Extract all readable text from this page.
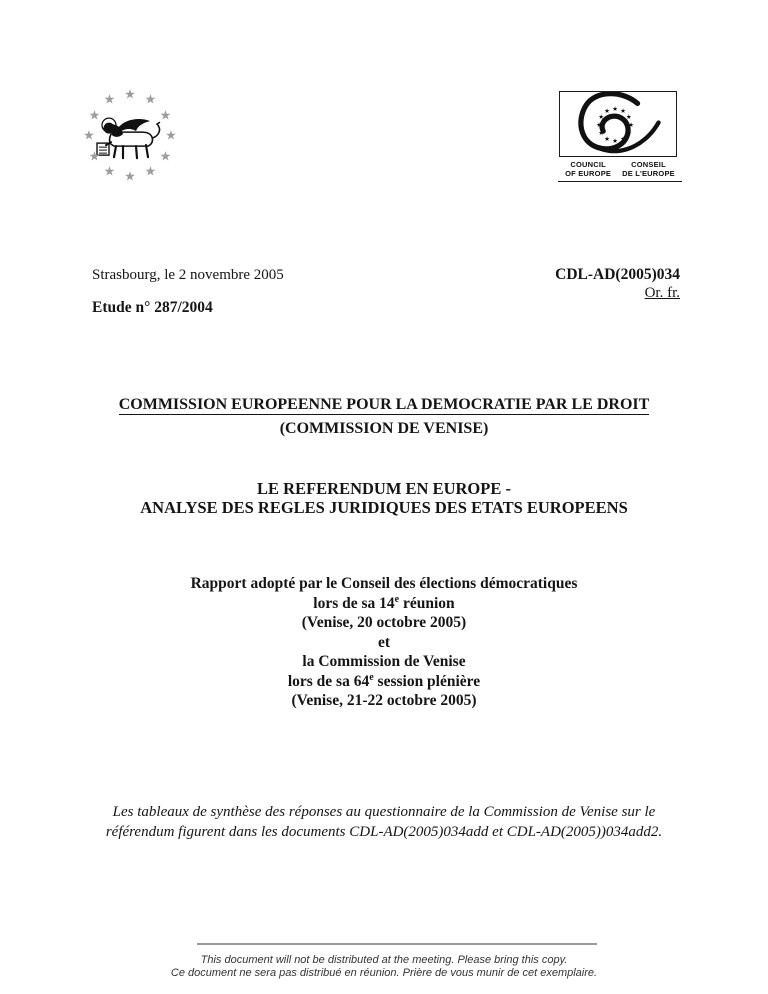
★ ★
★
★
★
★
★
★
★
★
★
★
★ ★
★
★
★
★
★
★
★
★
★
★
COUNCIL
OF EUROPE
CONSEIL
DE L'EUROPE
Strasbourg, le 2 novembre 2005	CDL-AD(2005)034
Or. fr.
Etude n° 287/2004
COMMISSION EUROPEENNE POUR LA DEMOCRATIE PAR LE DROIT
(COMMISSION DE VENISE)
LE REFERENDUM EN EUROPE -
ANALYSE DES REGLES JURIDIQUES DES ETATS EUROPEENS
Rapport adopté par le Conseil des élections démocratiques
lors de sa 14e réunion
(Venise, 20 octobre 2005)
et
la Commission de Venise
lors de sa 64e session plénière
(Venise, 21-22 octobre 2005)
Les tableaux de synthèse des réponses au questionnaire de la Commission de Venise sur le
référendum figurent dans les documents CDL-AD(2005)034add et CDL-AD(2005))034add2.
This document will not be distributed at the meeting. Please bring this copy.
Ce document ne sera pas distribué en réunion. Prière de vous munir de cet exemplaire.
